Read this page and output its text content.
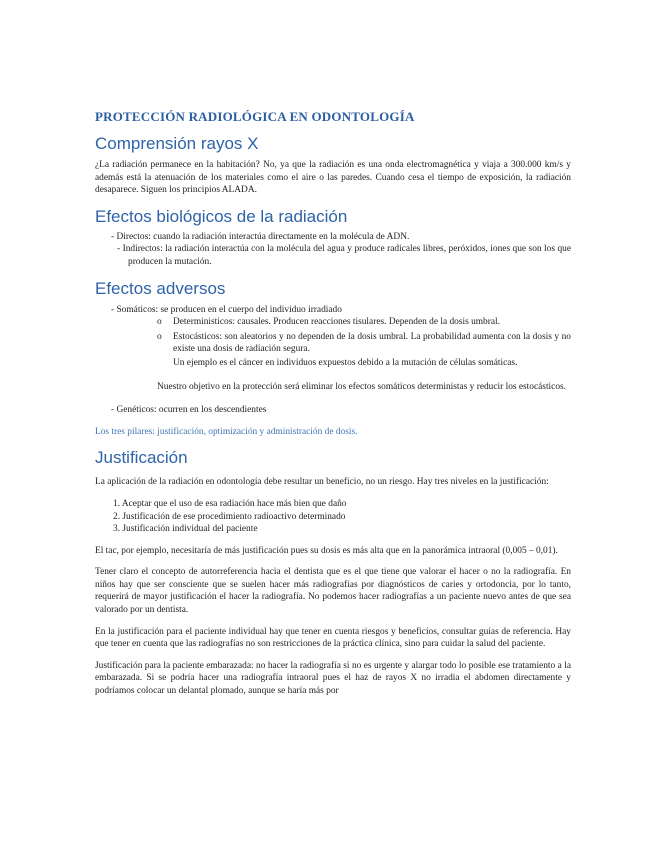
PROTECCIÓN RADIOLÓGICA EN ODONTOLOGÍA
Comprensión rayos X

¿La radiación permanece en la habitación? No, ya que la radiación es una onda electromagnética y viaja a 300.000 km/s y además está la atenuación de los materiales como el aire o las paredes. Cuando cesa el tiempo de exposición, la radiación desaparece. Siguen los principios ALADA.

Efectos biológicos de la radiación
- Directos: cuando la radiación interactúa directamente en la molécula de ADN.
- Indirectos: la radiación interactúa con la molécula del agua y produce radicales libres, peróxidos, iones que son los que producen la mutación.
Efectos adversos
- Somáticos: se producen en el cuerpo del individuo irradiado
o Deterministicos: causales. Producen reacciones tisulares. Dependen de la dosis umbral.
o Estocásticos: son aleatorios y no dependen de la dosis umbral. La probabilidad aumenta con la dosis y no existe una dosis de radiación segura.
Un ejemplo es el cáncer en individuos expuestos debido a la mutación de células somáticas.
Nuestro objetivo en la protección será eliminar los efectos somáticos deterministas y reducir los estocásticos.
- Genéticos: ocurren en los descendientes

Los tres pilares: justificación, optimización y administración de dosis.

Justificación

La aplicación de la radiación en odontología debe resultar un beneficio, no un riesgo. Hay tres niveles en la justificación:

1. Aceptar que el uso de esa radiación hace más bien que daño
2. Justificación de ese procedimiento radioactivo determinado
3. Justificación individual del paciente

El tac, por ejemplo, necesitaría de más justificación pues su dosis es más alta que en la panorámica intraoral (0,005 – 0,01).

Tener claro el concepto de autorreferencia hacia el dentista que es el que tiene que valorar el hacer o no la radiografía. En niños hay que ser consciente que se suelen hacer más radiografías por diagnósticos de caries y ortodoncia, por lo tanto, requerirá de mayor justificación el hacer la radiografía. No podemos hacer radiografías a un paciente nuevo antes de que sea valorado por un dentista.

En la justificación para el paciente individual hay que tener en cuenta riesgos y beneficios, consultar guías de referencia. Hay que tener en cuenta que las radiografías no son restricciones de la práctica clínica, sino para cuidar la salud del paciente.

Justificación para la paciente embarazada: no hacer la radiografía si no es urgente y alargar todo lo posible ese tratamiento a la embarazada. Si se podría hacer una radiografía intraoral pues el haz de rayos X no irradia el abdomen directamente y podríamos colocar un delantal plomado, aunque se haría más por
